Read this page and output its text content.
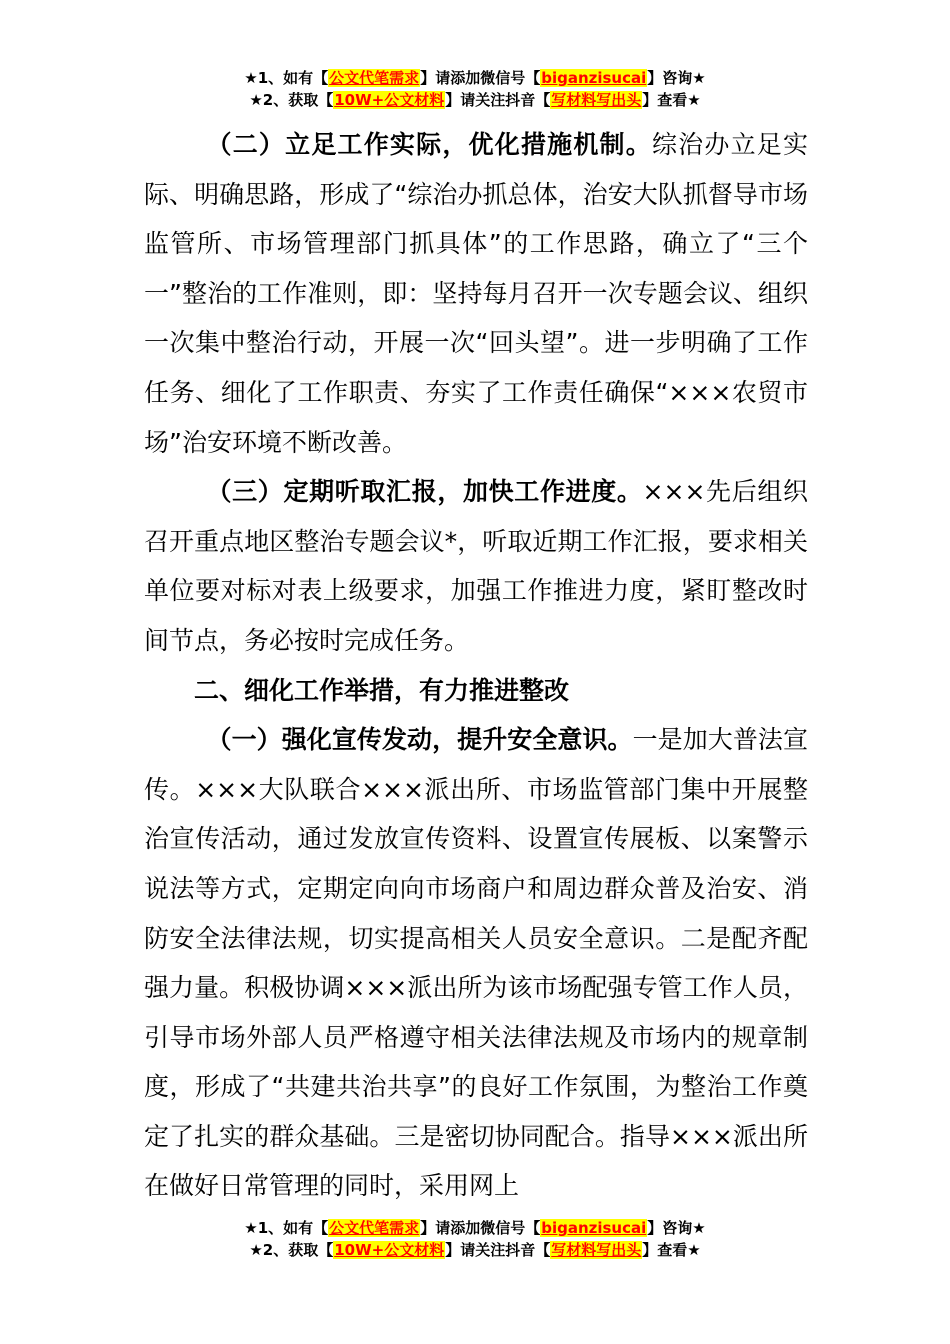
★1、如有【公文代笔需求】请添加微信号【biganzisucai】咨询★
★2、获取【10W+公文材料】请关注抖音【写材料写出头】查看★

（二）立足工作实际，优化措施机制。综治办立足实际、明确思路，形成了“综治办抓总体，治安大队抓督导市场监管所、市场管理部门抓具体”的工作思路，确立了“三个一”整治的工作准则，即：坚持每月召开一次专题会议、组织一次集中整治行动，开展一次“回头望”。进一步明确了工作任务、细化了工作职责、夯实了工作责任确保“×××农贸市场”治安环境不断改善。

（三）定期听取汇报，加快工作进度。×××先后组织召开重点地区整治专题会议*，听取近期工作汇报，要求相关单位要对标对表上级要求，加强工作推进力度，紧盯整改时间节点，务必按时完成任务。

二、细化工作举措，有力推进整改

（一）强化宣传发动，提升安全意识。一是加大普法宣传。×××大队联合×××派出所、市场监管部门集中开展整治宣传活动，通过发放宣传资料、设置宣传展板、以案警示说法等方式，定期定向向市场商户和周边群众普及治安、消防安全法律法规，切实提高相关人员安全意识。二是配齐配强力量。积极协调×××派出所为该市场配强专管工作人员，引导市场外部人员严格遵守相关法律法规及市场内的规章制度，形成了“共建共治共享”的良好工作氛围，为整治工作奠定了扎实的群众基础。三是密切协同配合。指导×××派出所在做好日常管理的同时，采用网上

★1、如有【公文代笔需求】请添加微信号【biganzisucai】咨询★
★2、获取【10W+公文材料】请关注抖音【写材料写出头】查看★
